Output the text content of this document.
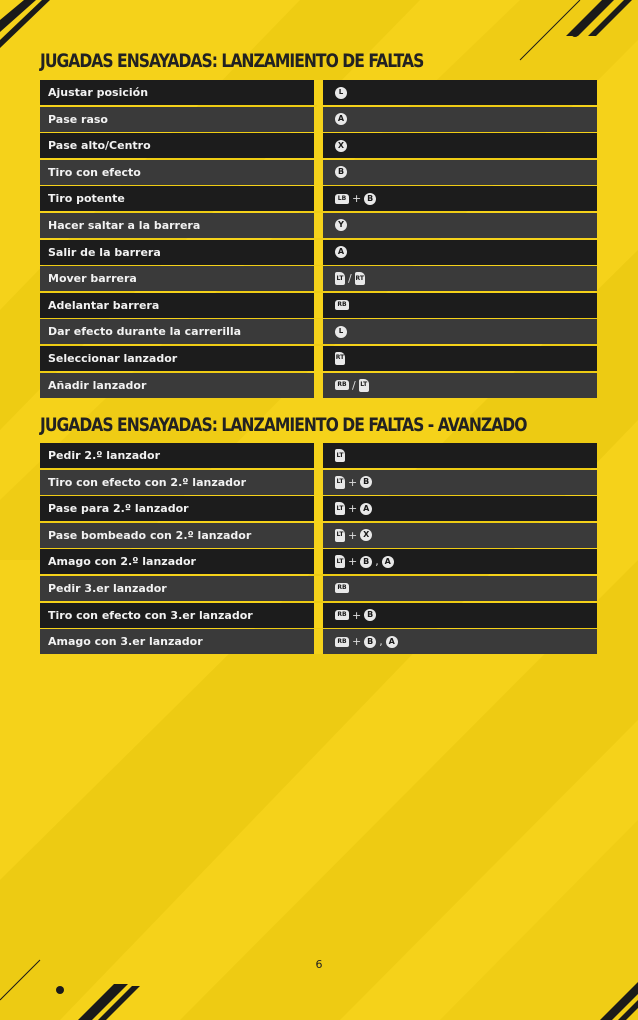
JUGADAS ENSAYADAS: LANZAMIENTO DE FALTAS
Ajustar posición	L
Pase raso	A
Pase alto/Centro	X
Tiro con efecto	B
Tiro potente	LB + B
Hacer saltar a la barrera	Y
Salir de la barrera	A
Mover barrera	LT / RT
Adelantar barrera	RB
Dar efecto durante la carrerilla	L
Seleccionar lanzador	RT
Añadir lanzador	RB / LT
JUGADAS ENSAYADAS: LANZAMIENTO DE FALTAS - AVANZADO
Pedir 2.º lanzador	LT
Tiro con efecto con 2.º lanzador	LT + B
Pase para 2.º lanzador	LT + A
Pase bombeado con 2.º lanzador	LT + X
Amago con 2.º lanzador	LT + B , A
Pedir 3.er lanzador	RB
Tiro con efecto con 3.er lanzador	RB + B
Amago con 3.er lanzador	RB + B , A
6
